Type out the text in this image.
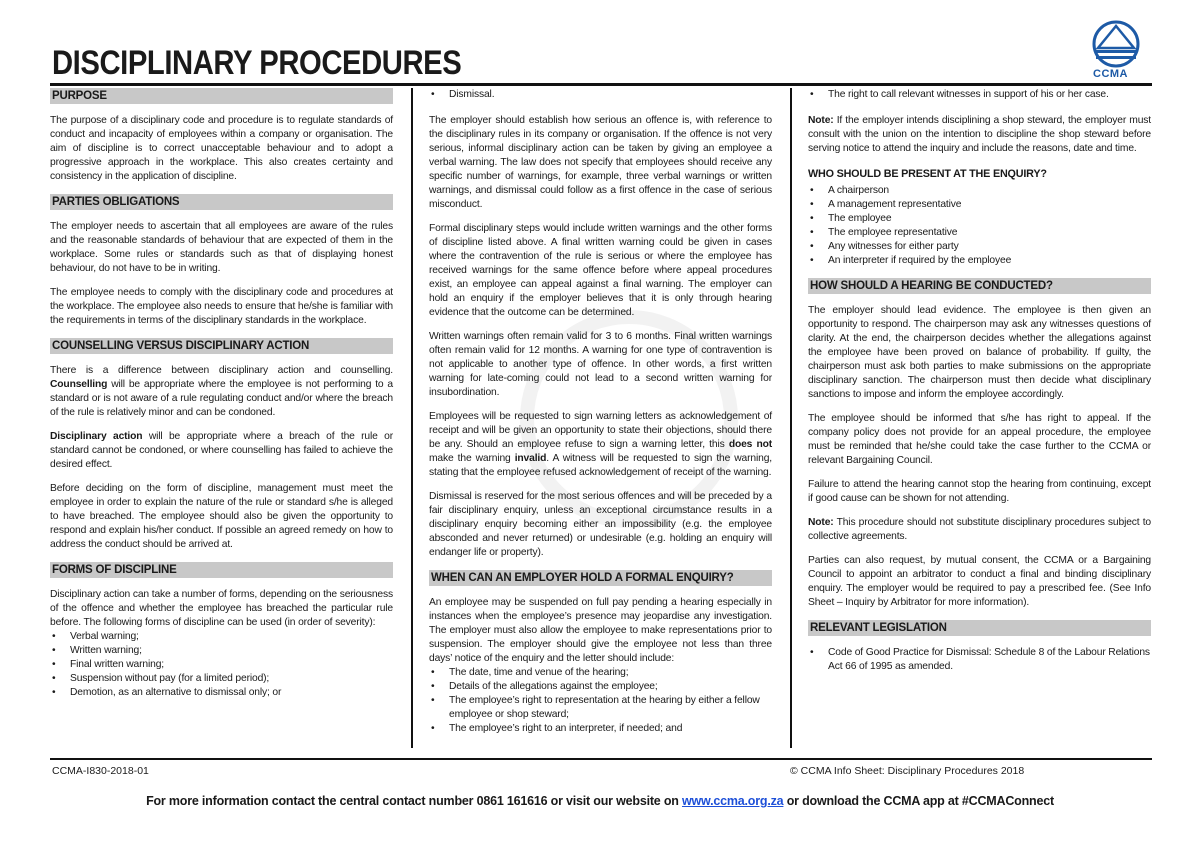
DISCIPLINARY PROCEDURES	CCMA
PURPOSE

The purpose of a disciplinary code and procedure is to regulate standards of conduct and incapacity of employees within a company or organisation. The aim of discipline is to correct unacceptable behaviour and to adopt a progressive approach in the workplace. This also creates certainty and consistency in the application of discipline.

PARTIES OBLIGATIONS

The employer needs to ascertain that all employees are aware of the rules and the reasonable standards of behaviour that are expected of them in the workplace. Some rules or standards such as that of displaying honest behaviour, do not have to be in writing.

The employee needs to comply with the disciplinary code and procedures at the workplace. The employee also needs to ensure that he/she is familiar with the requirements in terms of the disciplinary standards in the workplace.

COUNSELLING VERSUS DISCIPLINARY ACTION

There is a difference between disciplinary action and counselling. Counselling will be appropriate where the employee is not performing to a standard or is not aware of a rule regulating conduct and/or where the breach of the rule is relatively minor and can be condoned.

Disciplinary action will be appropriate where a breach of the rule or standard cannot be condoned, or where counselling has failed to achieve the desired effect.

Before deciding on the form of discipline, management must meet the employee in order to explain the nature of the rule or standard s/he is alleged to have breached. The employee should also be given the opportunity to respond and explain his/her conduct. If possible an agreed remedy on how to address the conduct should be arrived at.

FORMS OF DISCIPLINE

Disciplinary action can take a number of forms, depending on the seriousness of the offence and whether the employee has breached the particular rule before. The following forms of discipline can be used (in order of severity):

• Verbal warning;
• Written warning;
• Final written warning;
• Suspension without pay (for a limited period);
• Demotion, as an alternative to dismissal only; or
• Dismissal.

The employer should establish how serious an offence is, with reference to the disciplinary rules in its company or organisation. If the offence is not very serious, informal disciplinary action can be taken by giving an employee a verbal warning. The law does not specify that employees should receive any specific number of warnings, for example, three verbal warnings or written warnings, and dismissal could follow as a first offence in the case of serious misconduct.

Formal disciplinary steps would include written warnings and the other forms of discipline listed above. A final written warning could be given in cases where the contravention of the rule is serious or where the employee has received warnings for the same offence before where appeal procedures exist, an employee can appeal against a final warning. The employer can hold an enquiry if the employer believes that it is only through hearing evidence that the outcome can be determined.

Written warnings often remain valid for 3 to 6 months. Final written warnings often remain valid for 12 months. A warning for one type of contravention is not applicable to another type of offence. In other words, a first written warning for late-coming could not lead to a second written warning for insubordination.

Employees will be requested to sign warning letters as acknowledgement of receipt and will be given an opportunity to state their objections, should there be any. Should an employee refuse to sign a warning letter, this does not make the warning invalid. A witness will be requested to sign the warning, stating that the employee refused acknowledgement of receipt of the warning.

Dismissal is reserved for the most serious offences and will be preceded by a fair disciplinary enquiry, unless an exceptional circumstance results in a disciplinary enquiry becoming either an impossibility (e.g. the employee absconded and never returned) or undesirable (e.g. holding an enquiry will endanger life or property).

WHEN CAN AN EMPLOYER HOLD A FORMAL ENQUIRY?

An employee may be suspended on full pay pending a hearing especially in instances when the employee’s presence may jeopardise any investigation. The employer must also allow the employee to make representations prior to suspension. The employer should give the employee not less than three days’ notice of the enquiry and the letter should include:

• The date, time and venue of the hearing;
• Details of the allegations against the employee;
• The employee’s right to representation at the hearing by either a fellow employee or shop steward;
• The employee’s right to an interpreter, if needed; and
• The right to call relevant witnesses in support of his or her case.

Note: If the employer intends disciplining a shop steward, the employer must consult with the union on the intention to discipline the shop steward before serving notice to attend the inquiry and include the reasons, date and time.

WHO SHOULD BE PRESENT AT THE ENQUIRY?
• A chairperson
• A management representative
• The employee
• The employee representative
• Any witnesses for either party
• An interpreter if required by the employee
HOW SHOULD A HEARING BE CONDUCTED?

The employer should lead evidence. The employee is then given an opportunity to respond. The chairperson may ask any witnesses questions of clarity. At the end, the chairperson decides whether the allegations against the employee have been proved on balance of probability. If guilty, the chairperson must ask both parties to make submissions on the appropriate disciplinary sanction. The chairperson must then decide what disciplinary sanctions to impose and inform the employee accordingly.

The employee should be informed that s/he has right to appeal. If the company policy does not provide for an appeal procedure, the employee must be reminded that he/she could take the case further to the CCMA or relevant Bargaining Council.

Failure to attend the hearing cannot stop the hearing from continuing, except if good cause can be shown for not attending.

Note: This procedure should not substitute disciplinary procedures subject to collective agreements.

Parties can also request, by mutual consent, the CCMA or a Bargaining Council to appoint an arbitrator to conduct a final and binding disciplinary enquiry. The employer would be required to pay a prescribed fee. (See Info Sheet – Inquiry by Arbitrator for more information).

RELEVANT LEGISLATION
• Code of Good Practice for Dismissal: Schedule 8 of the Labour Relations Act 66 of 1995 as amended.
CCMA-I830-2018-01	© CCMA Info Sheet: Disciplinary Procedures 2018
For more information contact the central contact number 0861 161616 or visit our website on www.ccma.org.za or download the CCMA app at #CCMAConnect
